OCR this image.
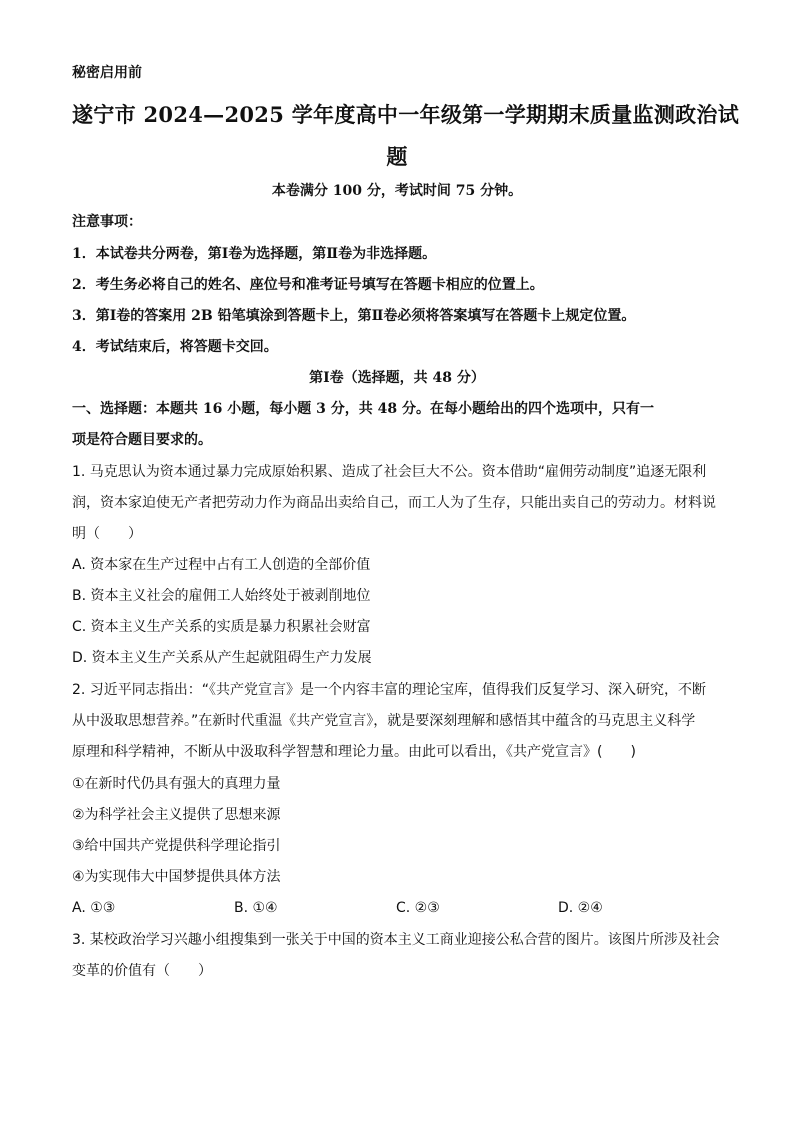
秘密启用前
遂宁市 2024—2025 学年度高中一年级第一学期期末质量监测政治试
题
本卷满分 100 分，考试时间 75 分钟。
注意事项：
1．本试卷共分两卷，第Ⅰ卷为选择题，第Ⅱ卷为非选择题。
2．考生务必将自己的姓名、座位号和准考证号填写在答题卡相应的位置上。
3．第Ⅰ卷的答案用 2B 铅笔填涂到答题卡上，第Ⅱ卷必须将答案填写在答题卡上规定位置。
4．考试结束后，将答题卡交回。
第Ⅰ卷（选择题，共 48 分）
一、选择题：本题共 16 小题，每小题 3 分，共 48 分。在每小题给出的四个选项中，只有一
项是符合题目要求的。
1. 马克思认为资本通过暴力完成原始积累、造成了社会巨大不公。资本借助“雇佣劳动制度”追逐无限利
润，资本家迫使无产者把劳动力作为商品出卖给自己，而工人为了生存，只能出卖自己的劳动力。材料说
明（　　）
A. 资本家在生产过程中占有工人创造的全部价值
B. 资本主义社会的雇佣工人始终处于被剥削地位
C. 资本主义生产关系的实质是暴力积累社会财富
D. 资本主义生产关系从产生起就阻碍生产力发展
2. 习近平同志指出：“《共产党宣言》是一个内容丰富的理论宝库，值得我们反复学习、深入研究，不断
从中汲取思想营养。”在新时代重温《共产党宣言》，就是要深刻理解和感悟其中蕴含的马克思主义科学
原理和科学精神，不断从中汲取科学智慧和理论力量。由此可以看出，《共产党宣言》(　　)
①在新时代仍具有强大的真理力量
②为科学社会主义提供了思想来源
③给中国共产党提供科学理论指引
④为实现伟大中国梦提供具体方法
A. ①③	B. ①④	C. ②③	D. ②④
3. 某校政治学习兴趣小组搜集到一张关于中国的资本主义工商业迎接公私合营的图片。该图片所涉及社会
变革的价值有（　　）
